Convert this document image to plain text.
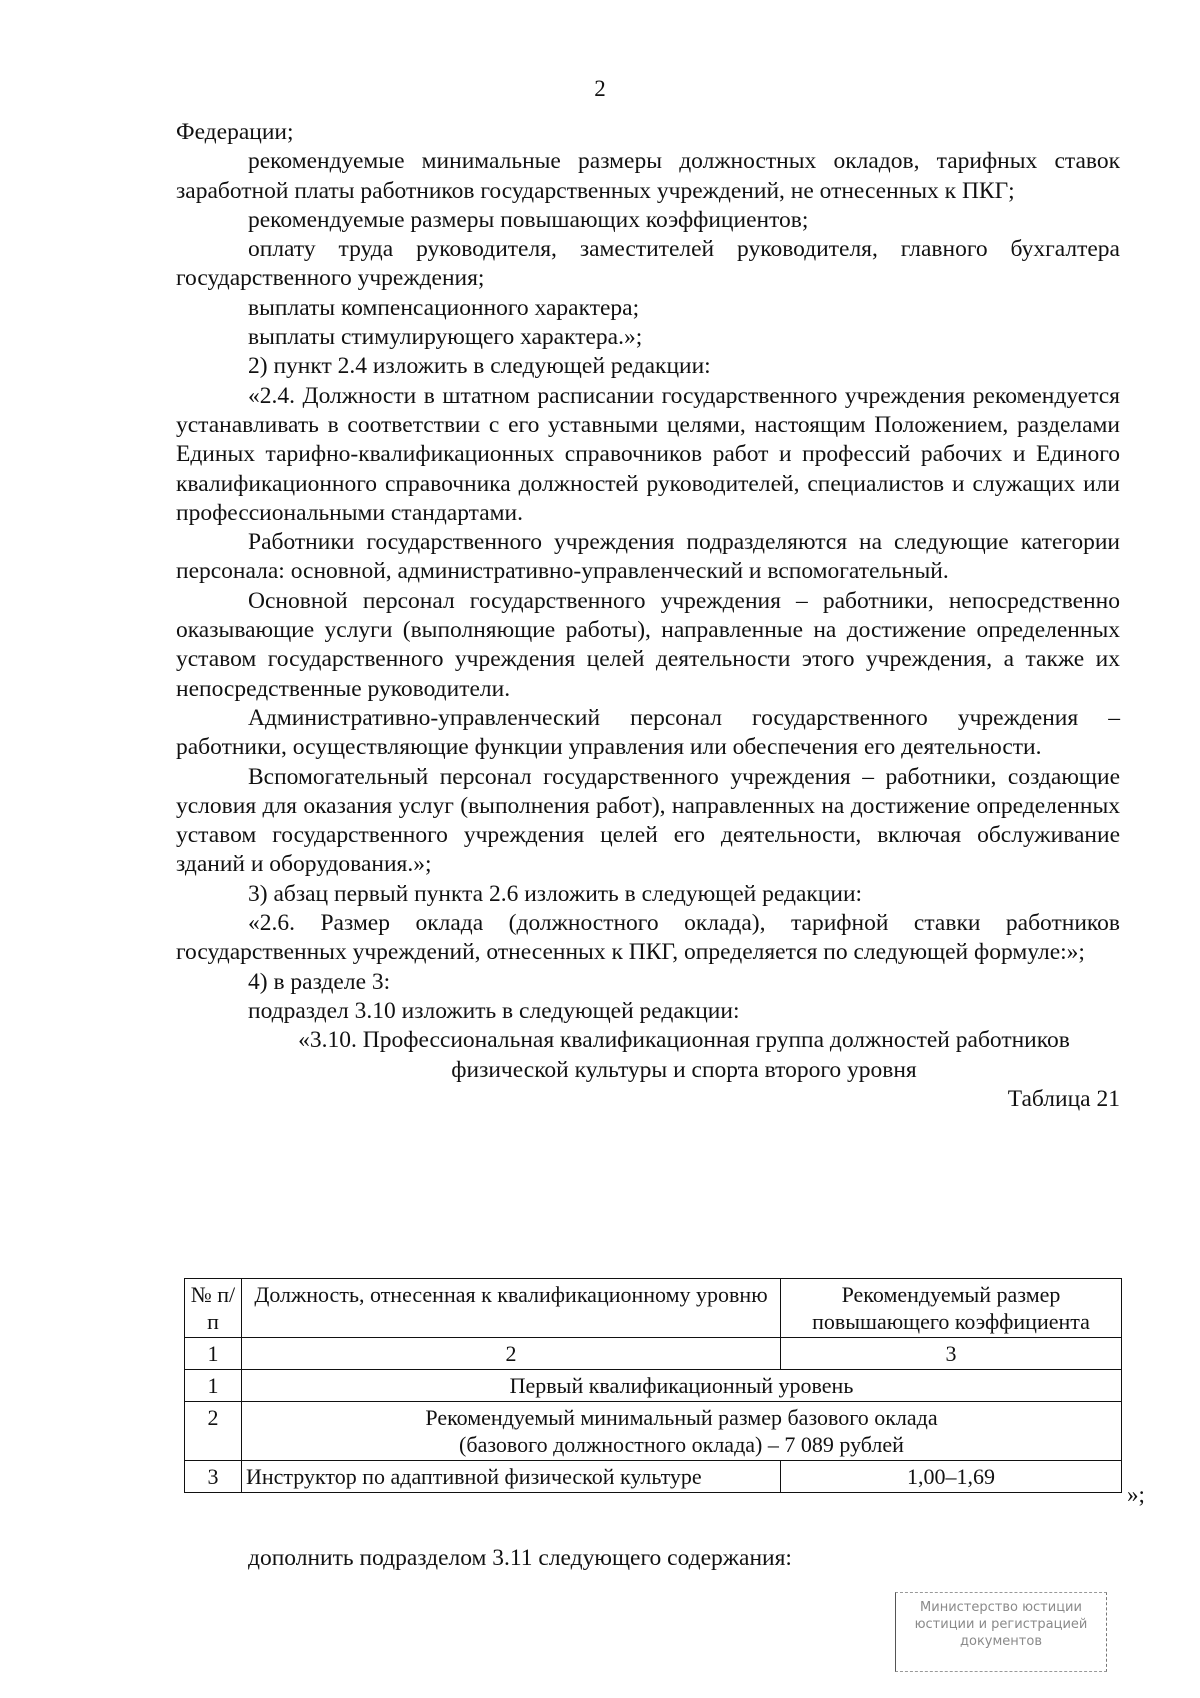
2

Федерации;

рекомендуемые минимальные размеры должностных окладов, тарифных ставок заработной платы работников государственных учреждений, не отнесенных к ПКГ;

рекомендуемые размеры повышающих коэффициентов;

оплату труда руководителя, заместителей руководителя, главного бухгалтера государственного учреждения;

выплаты компенсационного характера;

выплаты стимулирующего характера.»;

2) пункт 2.4 изложить в следующей редакции:

«2.4. Должности в штатном расписании государственного учреждения рекомендуется устанавливать в соответствии с его уставными целями, настоящим Положением, разделами Единых тарифно-квалификационных справочников работ и профессий рабочих и Единого квалификационного справочника должностей руководителей, специалистов и служащих или профессиональными стандартами.

Работники государственного учреждения подразделяются на следующие категории персонала: основной, административно-управленческий и вспомогательный.

Основной персонал государственного учреждения – работники, непосредственно оказывающие услуги (выполняющие работы), направленные на достижение определенных уставом государственного учреждения целей деятельности этого учреждения, а также их непосредственные руководители.

Административно-управленческий персонал государственного учреждения – работники, осуществляющие функции управления или обеспечения его деятельности.

Вспомогательный персонал государственного учреждения – работники, создающие условия для оказания услуг (выполнения работ), направленных на достижение определенных уставом государственного учреждения целей его деятельности, включая обслуживание зданий и оборудования.»;

3) абзац первый пункта 2.6 изложить в следующей редакции:

«2.6. Размер оклада (должностного оклада), тарифной ставки работников государственных учреждений, отнесенных к ПКГ, определяется по следующей формуле:»;

4) в разделе 3:

подраздел 3.10 изложить в следующей редакции:

«3.10. Профессиональная квалификационная группа должностей работников

физической культуры и спорта второго уровня

Таблица 21

№ п/п	Должность, отнесенная к квалификационному уровню	Рекомендуемый размер повышающего коэффициента
1	2	3
1	Первый квалификационный уровень	
2	Рекомендуемый минимальный размер базового оклада
(базового должностного оклада) – 7 089 рублей	

3	Инструктор по адаптивной физической культуре	1,00–1,69
»;
дополнить подразделом 3.11 следующего содержания:
Министерство юстиции
юстиции и регистрацией
документов
